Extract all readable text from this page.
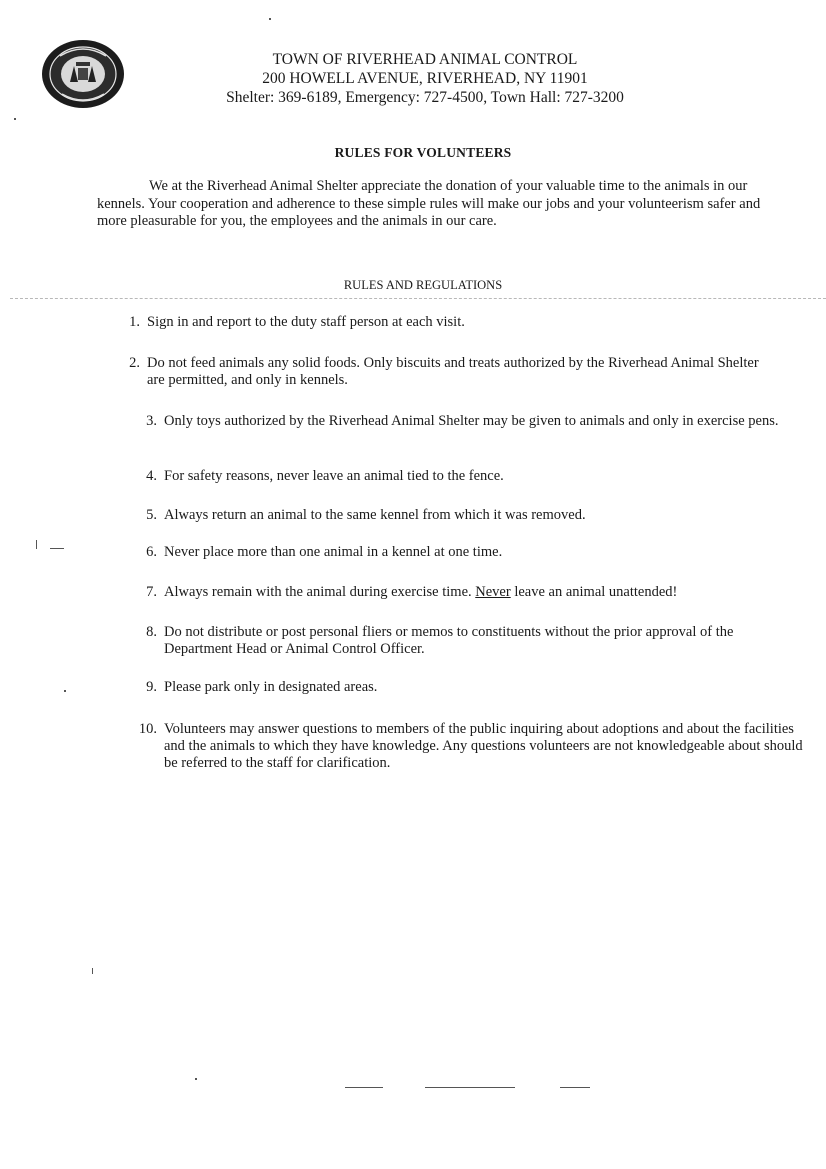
TOWN OF RIVERHEAD ANIMAL CONTROL
200 HOWELL AVENUE, RIVERHEAD, NY 11901
Shelter: 369-6189, Emergency: 727-4500, Town Hall: 727-3200
RULES FOR VOLUNTEERS
We at the Riverhead Animal Shelter appreciate the donation of your valuable time to the animals in our kennels. Your cooperation and adherence to these simple rules will make our jobs and your volunteerism safer and more pleasurable for you, the employees and the animals in our care.
RULES AND REGULATIONS
1. Sign in and report to the duty staff person at each visit.
2. Do not feed animals any solid foods. Only biscuits and treats authorized by the Riverhead Animal Shelter are permitted, and only in kennels.
3. Only toys authorized by the Riverhead Animal Shelter may be given to animals and only in exercise pens.
4. For safety reasons, never leave an animal tied to the fence.
5. Always return an animal to the same kennel from which it was removed.
6. Never place more than one animal in a kennel at one time.
7. Always remain with the animal during exercise time. Never leave an animal unattended!
8. Do not distribute or post personal fliers or memos to constituents without the prior approval of the Department Head or Animal Control Officer.
9. Please park only in designated areas.
10. Volunteers may answer questions to members of the public inquiring about adoptions and about the facilities and the animals to which they have knowledge. Any questions volunteers are not knowledgeable about should be referred to the staff for clarification.
